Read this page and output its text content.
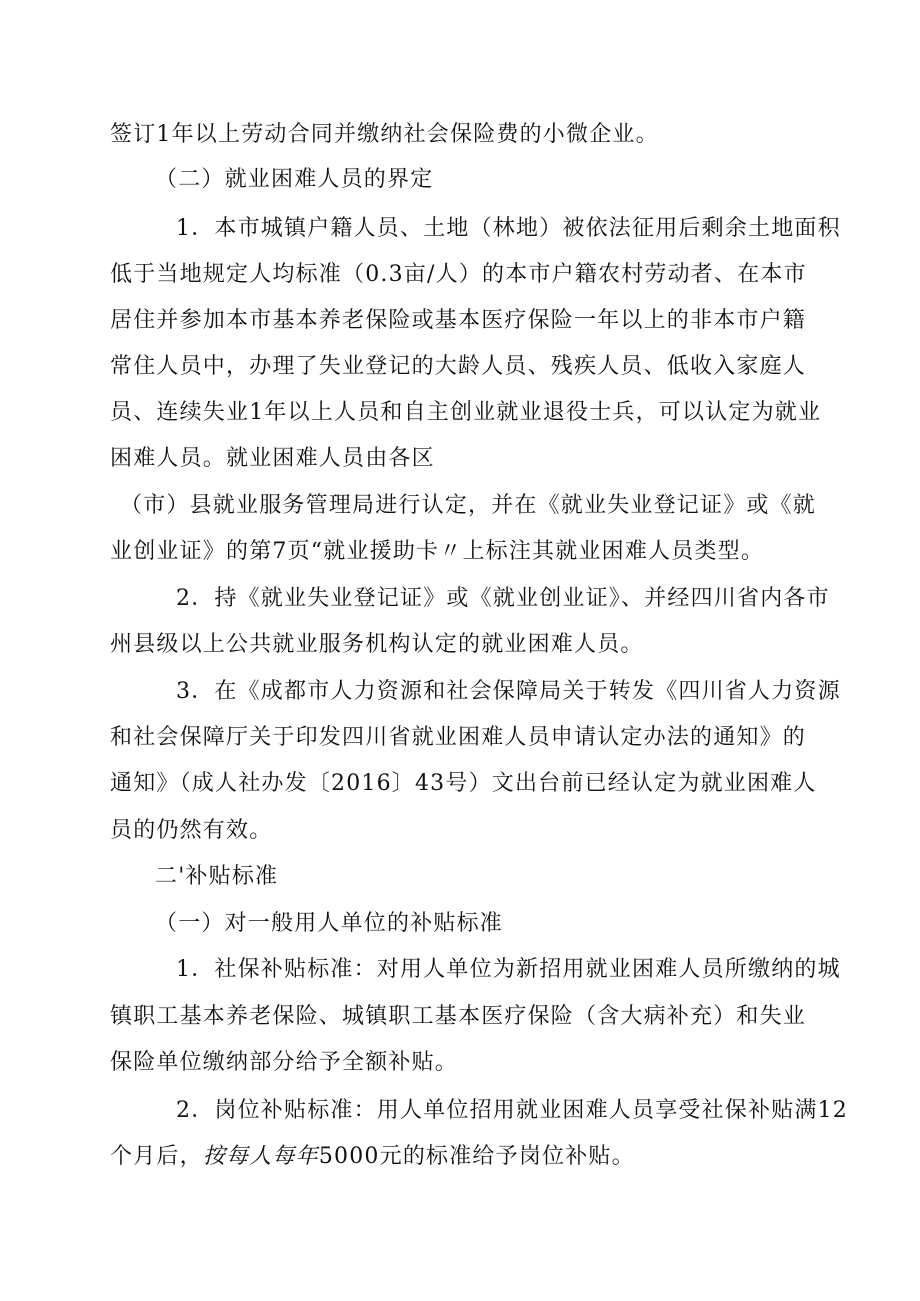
签订1年以上劳动合同并缴纳社会保险费的小微企业。
（二）就业困难人员的界定
1．本市城镇户籍人员、土地（林地）被依法征用后剩余土地面积
低于当地规定人均标准（0.3亩/人）的本市户籍农村劳动者、在本市
居住并参加本市基本养老保险或基本医疗保险一年以上的非本市户籍
常住人员中，办理了失业登记的大龄人员、残疾人员、低收入家庭人
员、连续失业1年以上人员和自主创业就业退役士兵，可以认定为就业
困难人员。就业困难人员由各区
（市）县就业服务管理局进行认定，并在《就业失业登记证》或《就
业创业证》的第7页“就业援助卡〃上标注其就业困难人员类型。
2．持《就业失业登记证》或《就业创业证》、并经四川省内各市
州县级以上公共就业服务机构认定的就业困难人员。
3．在《成都市人力资源和社会保障局关于转发《四川省人力资源
和社会保障厅关于印发四川省就业困难人员申请认定办法的通知》的
通知》（成人社办发〔2016〕43号）文出台前已经认定为就业困难人
员的仍然有效。
二'补贴标准
（一）对一般用人单位的补贴标准
1．社保补贴标准：对用人单位为新招用就业困难人员所缴纳的城
镇职工基本养老保险、城镇职工基本医疗保险（含大病补充）和失业
保险单位缴纳部分给予全额补贴。
2．岗位补贴标准：用人单位招用就业困难人员享受社保补贴满12
个月后，按每人每年5000元的标准给予岗位补贴。
